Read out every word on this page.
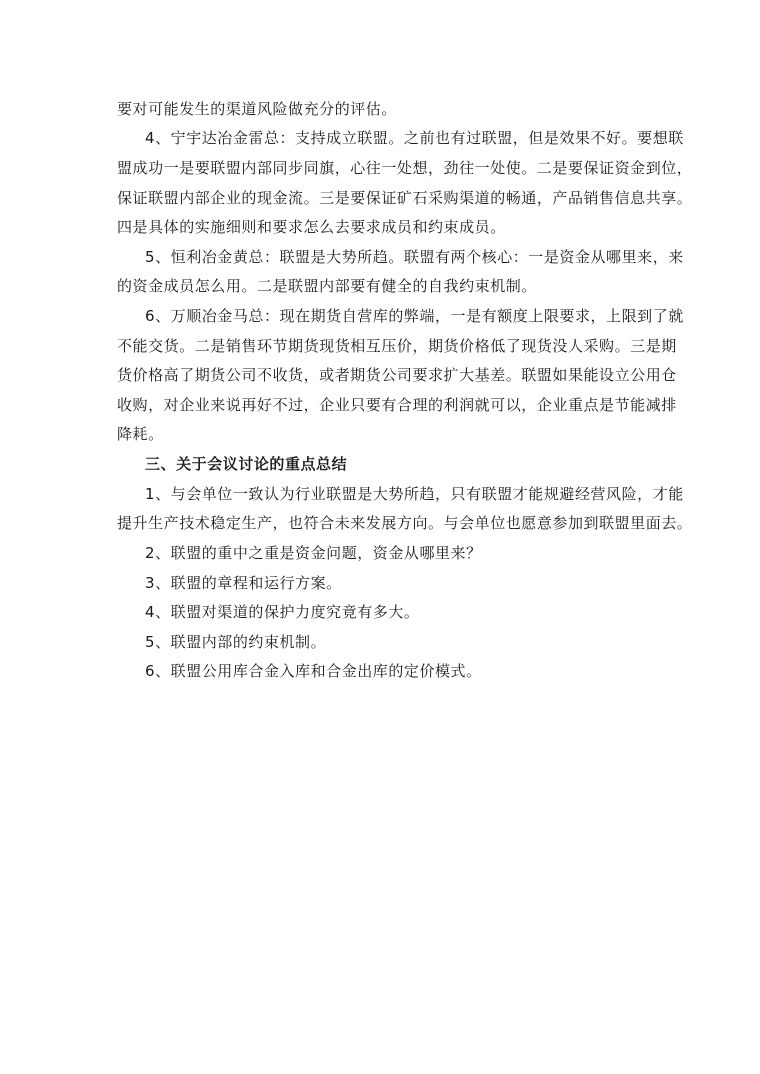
要对可能发生的渠道风险做充分的评估。
4、宁宇达冶金雷总：支持成立联盟。之前也有过联盟，但是效果不好。要想联
盟成功一是要联盟内部同步同旗，心往一处想，劲往一处使。二是要保证资金到位，
保证联盟内部企业的现金流。三是要保证矿石采购渠道的畅通，产品销售信息共享。
四是具体的实施细则和要求怎么去要求成员和约束成员。
5、恒利冶金黄总：联盟是大势所趋。联盟有两个核心：一是资金从哪里来，来
的资金成员怎么用。二是联盟内部要有健全的自我约束机制。
6、万顺冶金马总：现在期货自营库的弊端，一是有额度上限要求，上限到了就
不能交货。二是销售环节期货现货相互压价，期货价格低了现货没人采购。三是期
货价格高了期货公司不收货，或者期货公司要求扩大基差。联盟如果能设立公用仓
收购，对企业来说再好不过，企业只要有合理的利润就可以，企业重点是节能减排
降耗。
三、关于会议讨论的重点总结
1、与会单位一致认为行业联盟是大势所趋，只有联盟才能规避经营风险，才能
提升生产技术稳定生产，也符合未来发展方向。与会单位也愿意参加到联盟里面去。
2、联盟的重中之重是资金问题，资金从哪里来？
3、联盟的章程和运行方案。
4、联盟对渠道的保护力度究竟有多大。
5、联盟内部的约束机制。
6、联盟公用库合金入库和合金出库的定价模式。
